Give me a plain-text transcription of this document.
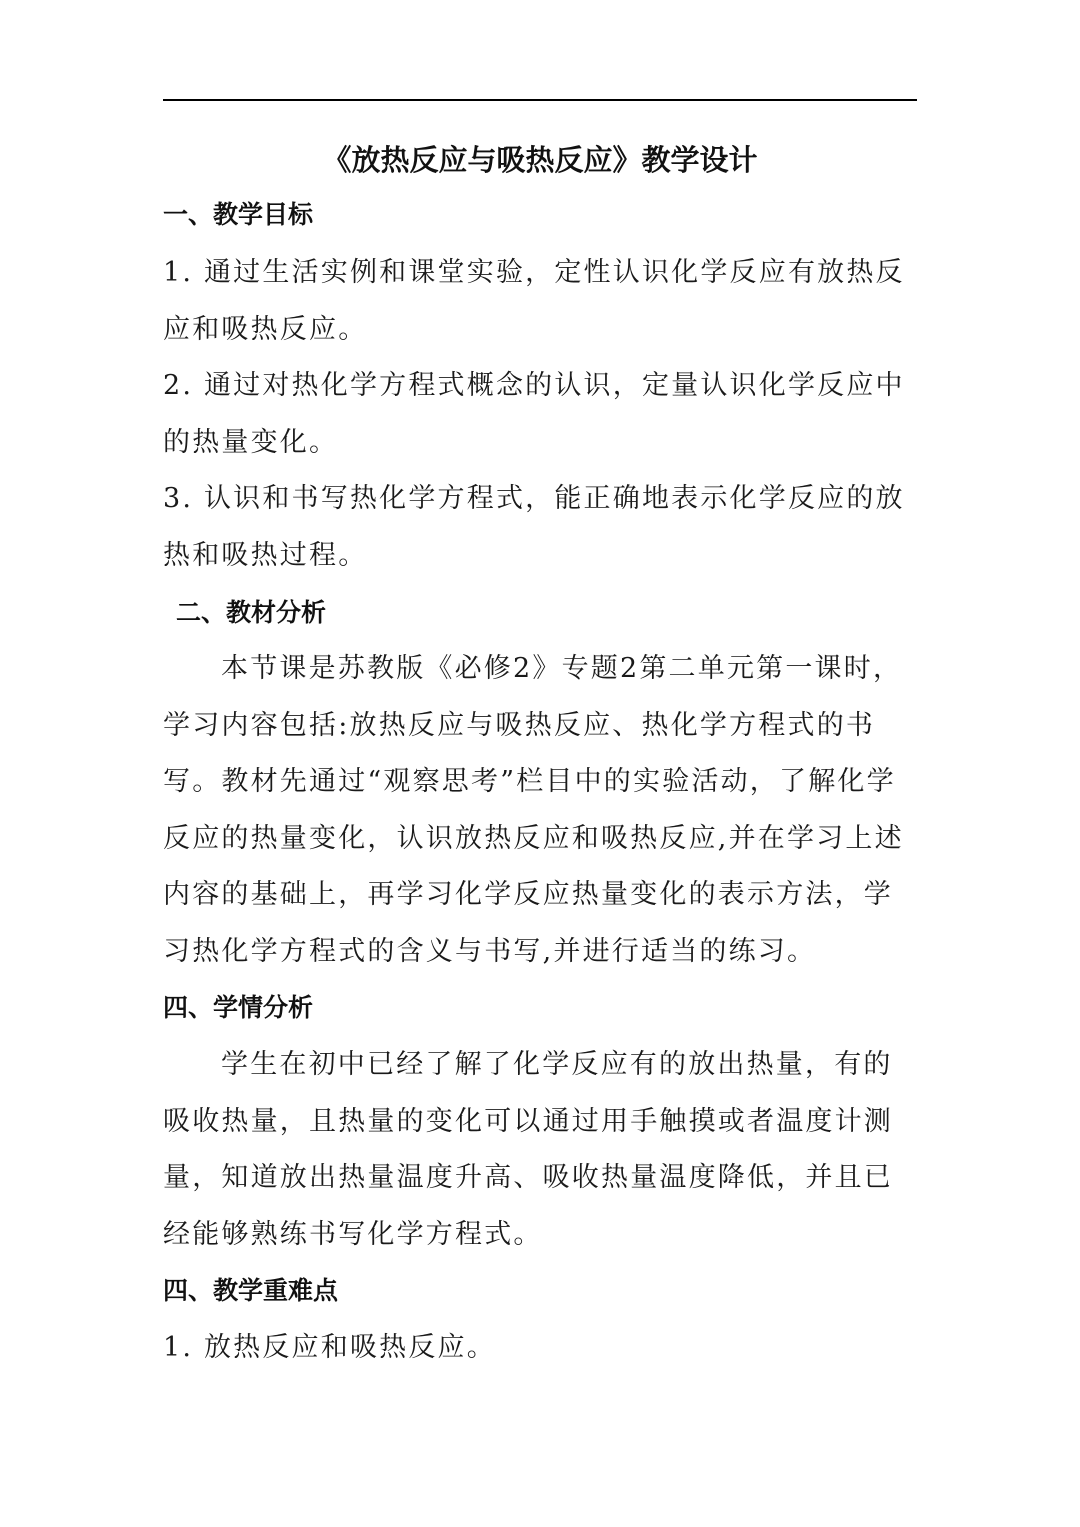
《放热反应与吸热反应》教学设计
一、教学目标
1. 通过生活实例和课堂实验，定性认识化学反应有放热反应和吸热反应。
2. 通过对热化学方程式概念的认识，定量认识化学反应中的热量变化。
3. 认识和书写热化学方程式，能正确地表示化学反应的放热和吸热过程。
二、教材分析
本节课是苏教版《必修2》专题2第二单元第一课时，学习内容包括:放热反应与吸热反应、热化学方程式的书写。教材先通过“观察思考”栏目中的实验活动，了解化学反应的热量变化，认识放热反应和吸热反应,并在学习上述内容的基础上，再学习化学反应热量变化的表示方法，学习热化学方程式的含义与书写,并进行适当的练习。
四、学情分析
学生在初中已经了解了化学反应有的放出热量，有的吸收热量，且热量的变化可以通过用手触摸或者温度计测量，知道放出热量温度升高、吸收热量温度降低，并且已经能够熟练书写化学方程式。
四、教学重难点
1. 放热反应和吸热反应。
